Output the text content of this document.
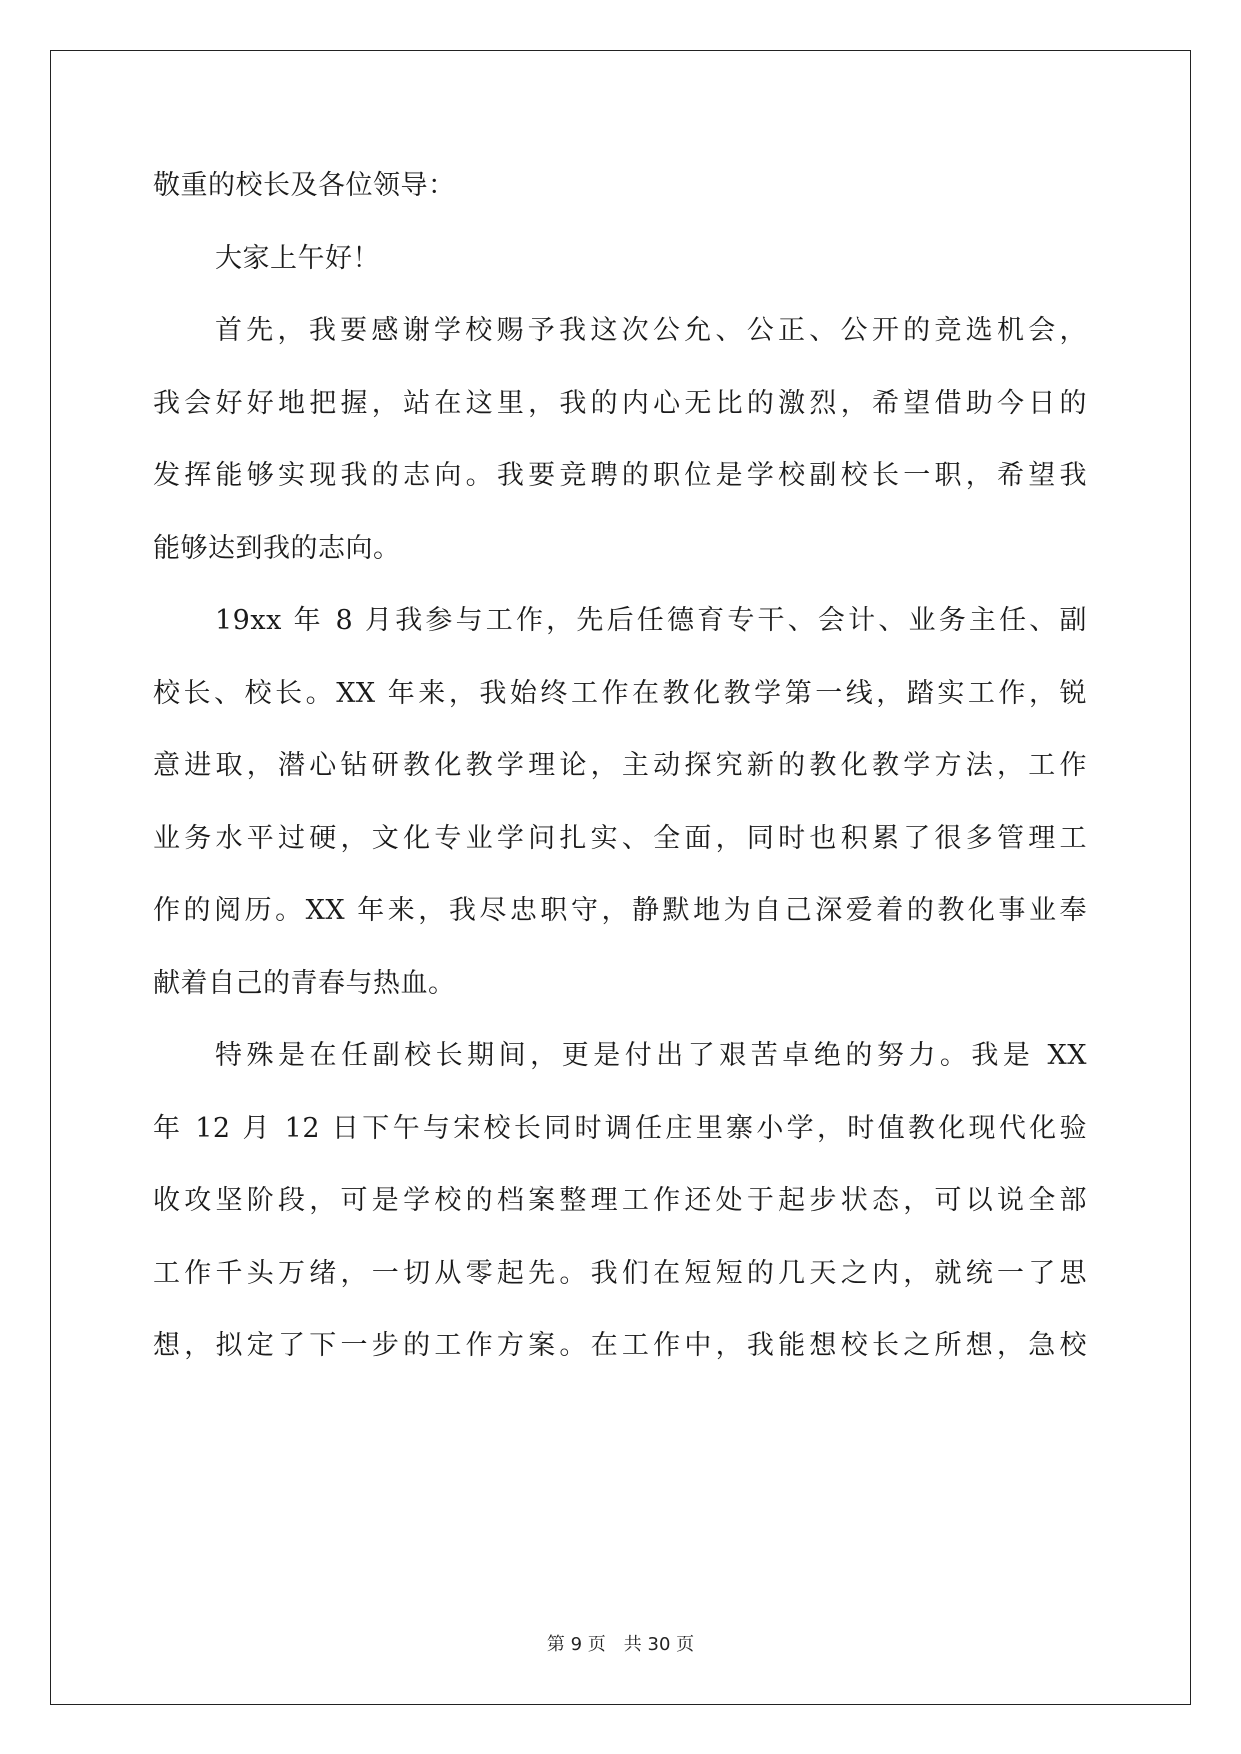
敬重的校长及各位领导：
大家上午好！
首先，我要感谢学校赐予我这次公允、公正、公开的竞选机会，
我会好好地把握，站在这里，我的内心无比的激烈，希望借助今日的
发挥能够实现我的志向。我要竞聘的职位是学校副校长一职，希望我
能够达到我的志向。
19xx 年 8 月我参与工作，先后任德育专干、会计、业务主任、副
校长、校长。XX 年来，我始终工作在教化教学第一线，踏实工作，锐
意进取，潜心钻研教化教学理论，主动探究新的教化教学方法，工作
业务水平过硬，文化专业学问扎实、全面，同时也积累了很多管理工
作的阅历。XX 年来，我尽忠职守，静默地为自己深爱着的教化事业奉
献着自己的青春与热血。
特殊是在任副校长期间，更是付出了艰苦卓绝的努力。我是 XX
年 12 月 12 日下午与宋校长同时调任庄里寨小学，时值教化现代化验
收攻坚阶段，可是学校的档案整理工作还处于起步状态，可以说全部
工作千头万绪，一切从零起先。我们在短短的几天之内，就统一了思
想，拟定了下一步的工作方案。在工作中，我能想校长之所想，急校
第 9 页　共 30 页
